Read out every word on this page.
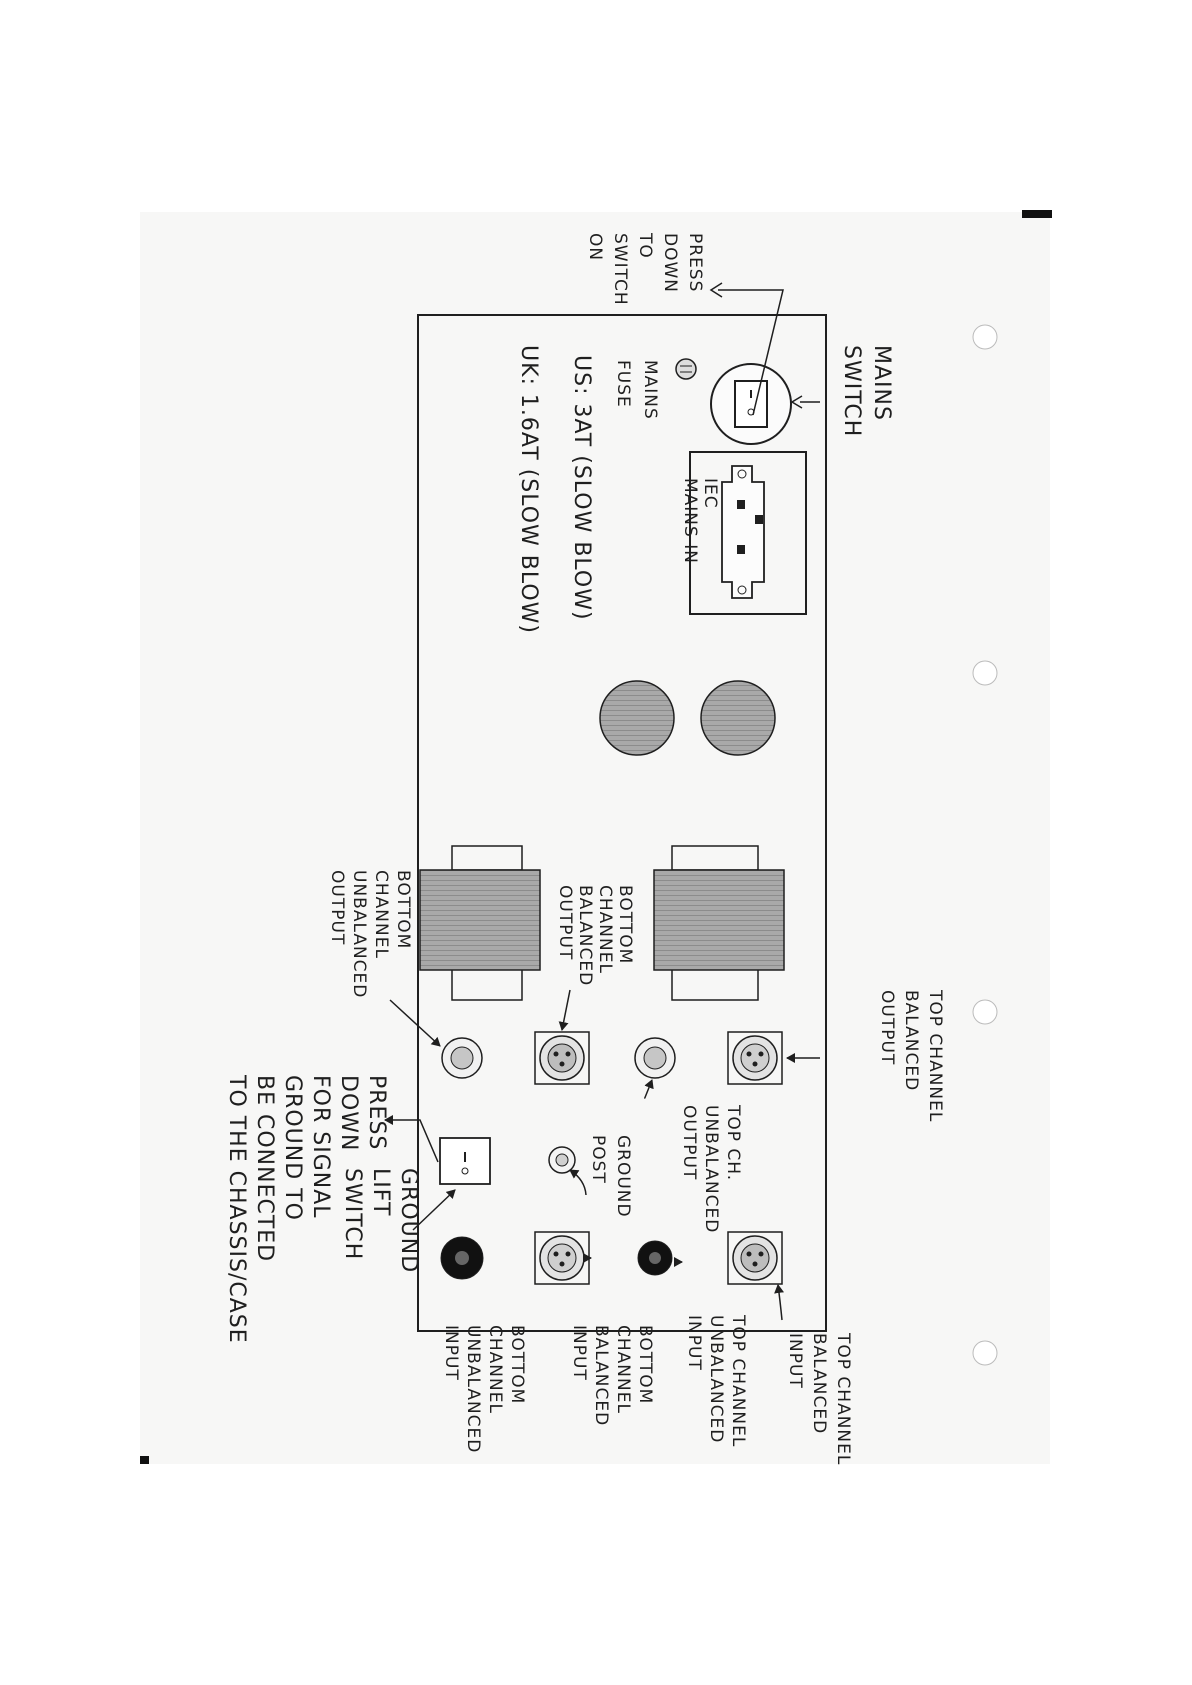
MAINS
SWITCH
PRESS
DOWN
TO
SWITCH
ON
MAINS
FUSE
US: 3AT (SLOW BLOW)
UK: 1.6AT (SLOW BLOW)	IEC
MAINS IN
TOP CHANNEL
BALANCED
OUTPUT
TOP CH.
UNBALANCED
OUTPUT
GROUND
POST
GROUND
LIFT
SWITCH
PRESS
DOWN
FOR SIGNAL
GROUND TO
BE CONNECTED
TO THE CHASSIS/CASE
BOTTOM
CHANNEL
BALANCED
OUTPUT
BOTTOM
CHANNEL
UNBALANCED
OUTPUT
TOP CHANNEL
BALANCED
INPUT
TOP CHANNEL
UNBALANCED
INPUT
BOTTOM
CHANNEL
BALANCED
INPUT
BOTTOM
CHANNEL
UNBALANCED
INPUT
